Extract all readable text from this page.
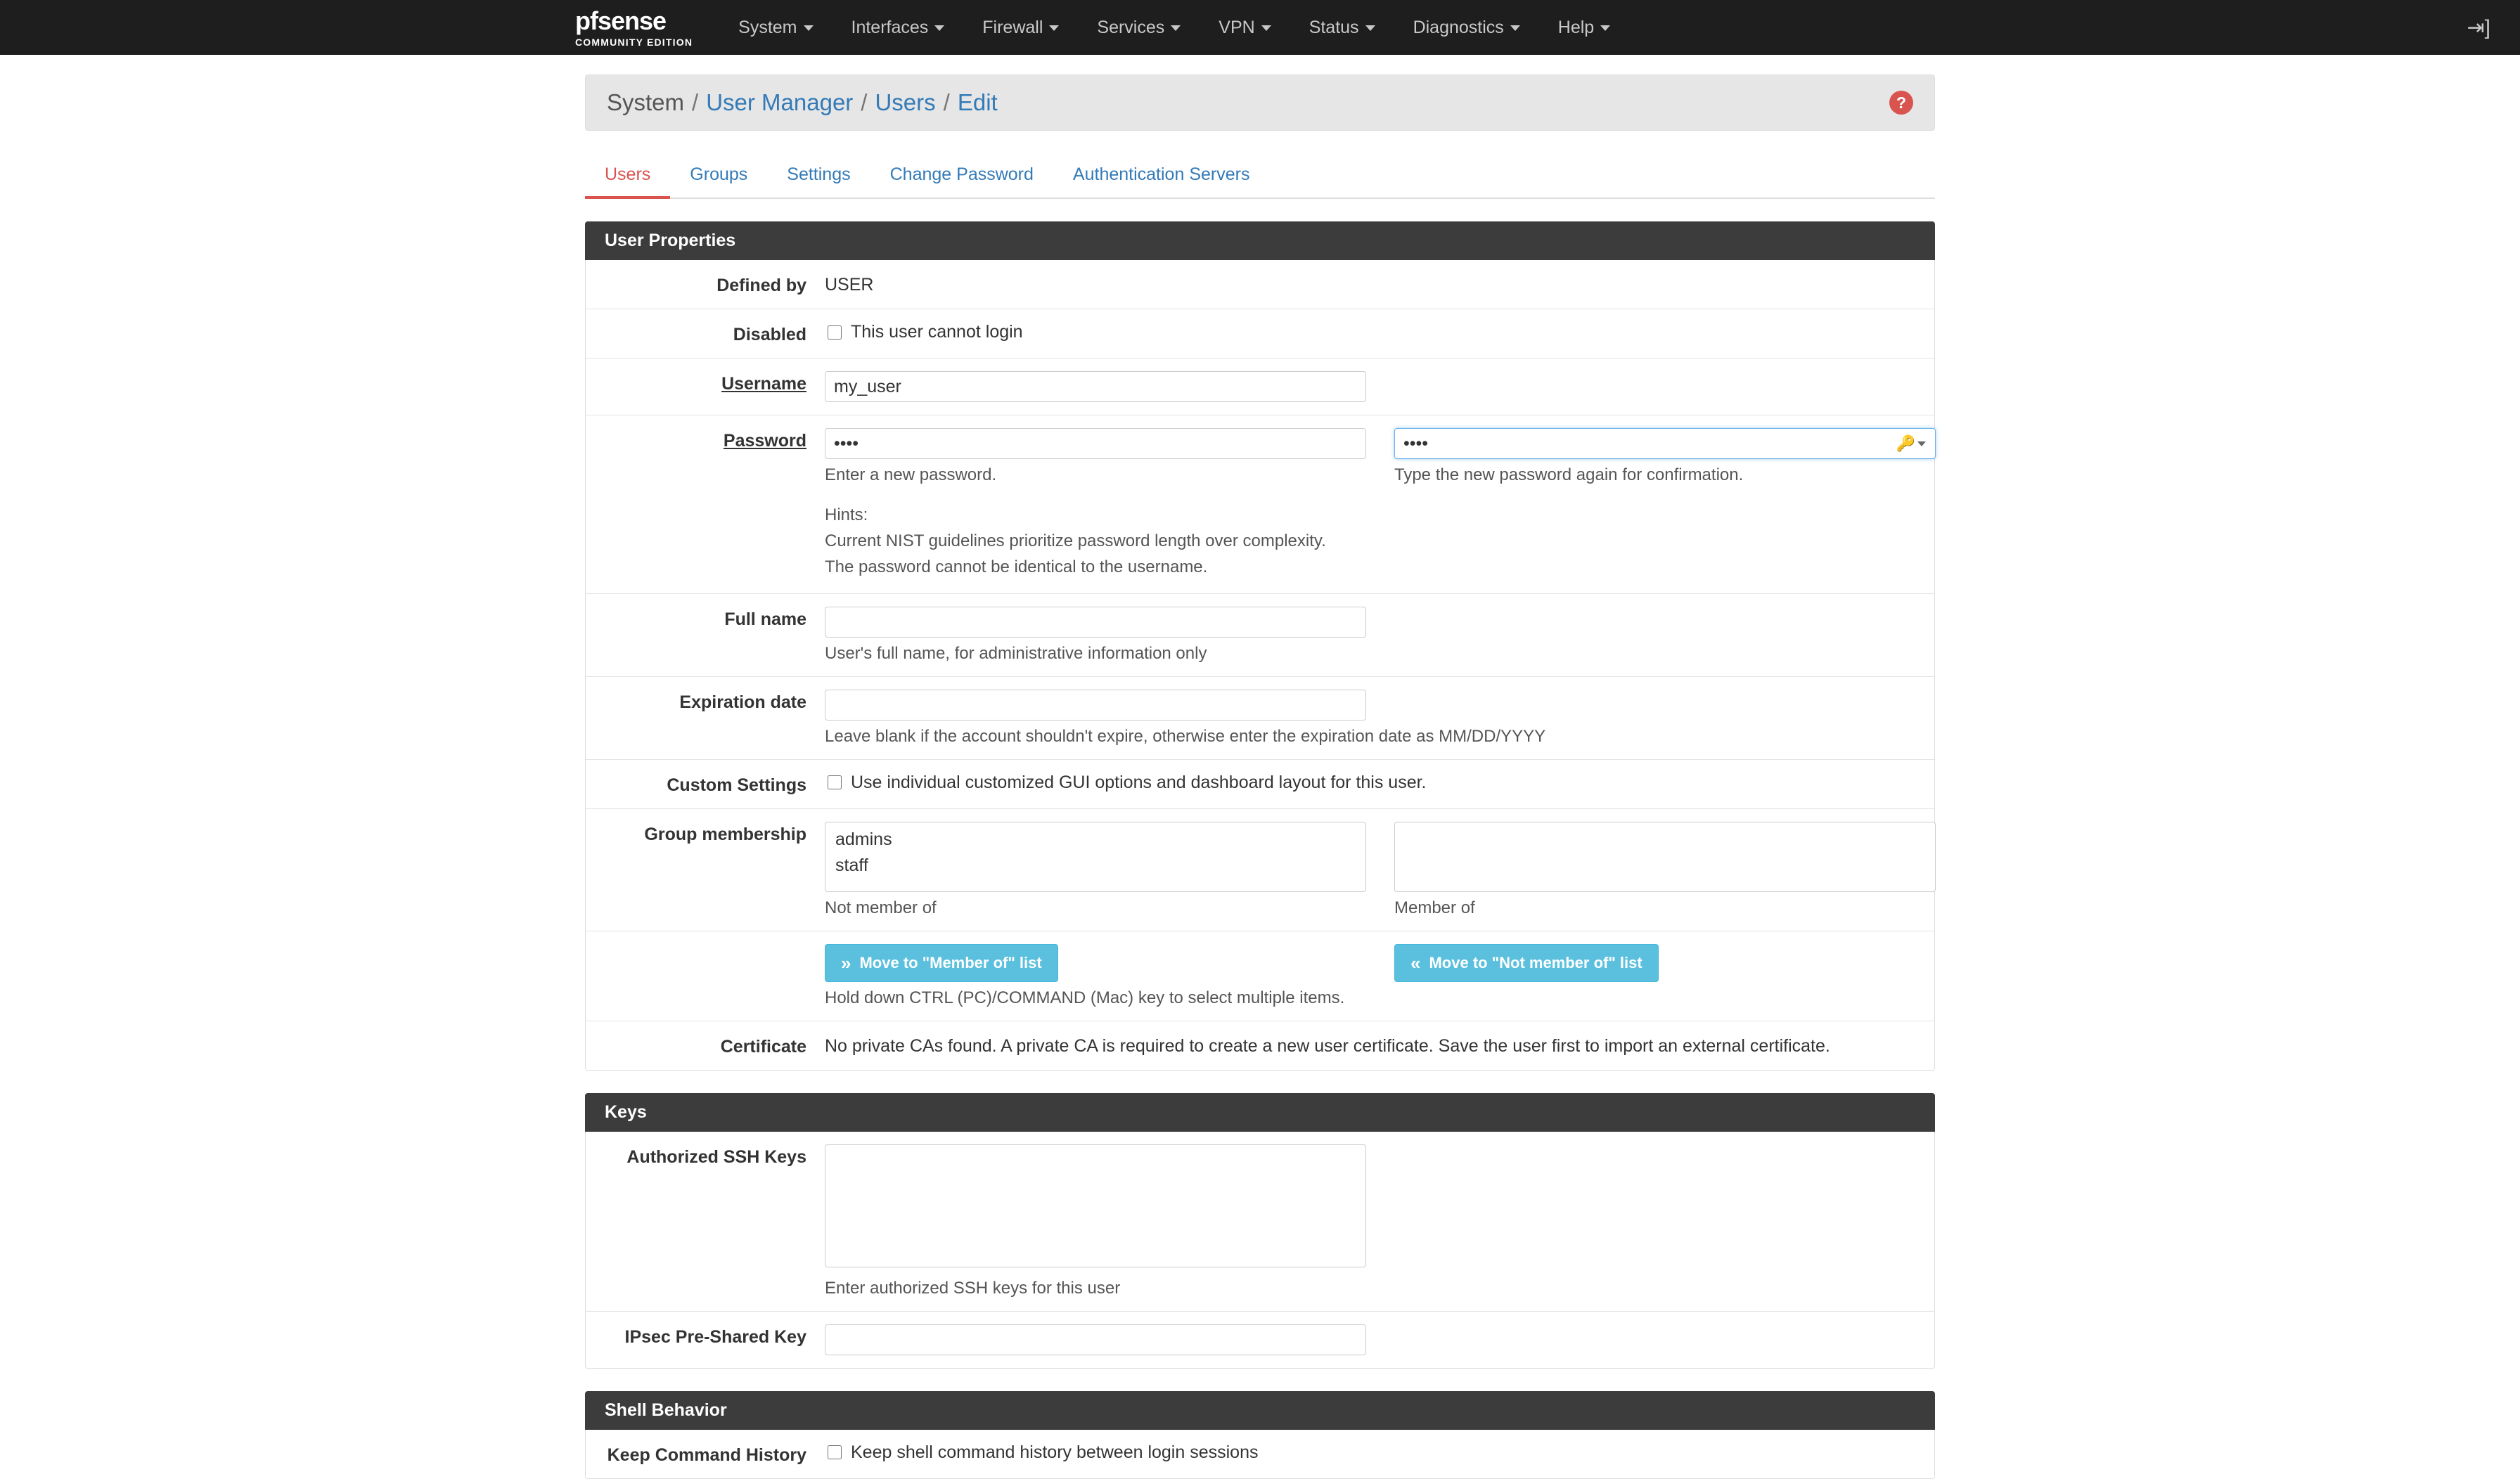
pf sense
COMMUNITY EDITION
System	Interfaces	Firewall	Services	VPN	Status	Diagnostics	Help	⇥]
System / User Manager / Users / Edit	?
Users	Groups	Settings	Change Password	Authentication Servers
User Properties
Defined by	USER
Disabled	This user cannot login
Username
my_user
Password
••••
Enter a new password.
••••
🔑
Type the new password again for confirmation.
Hints:
Current NIST guidelines prioritize password length over complexity.
The password cannot be identical to the username.
Full name
User's full name, for administrative information only
Expiration date
Leave blank if the account shouldn't expire, otherwise enter the expiration date as MM/DD/YYYY
Custom Settings	Use individual customized GUI options and dashboard layout for this user.
Group membership	admins
staff
Not member of	Member of
» Move to "Member of" list	« Move to "Not member of" list
Hold down CTRL (PC)/COMMAND (Mac) key to select multiple items.
Certificate	No private CAs found. A private CA is required to create a new user certificate. Save the user first to import an external certificate.
Keys
Authorized SSH Keys
Enter authorized SSH keys for this user
IPsec Pre-Shared Key
Shell Behavior
Keep Command History	Keep shell command history between login sessions
